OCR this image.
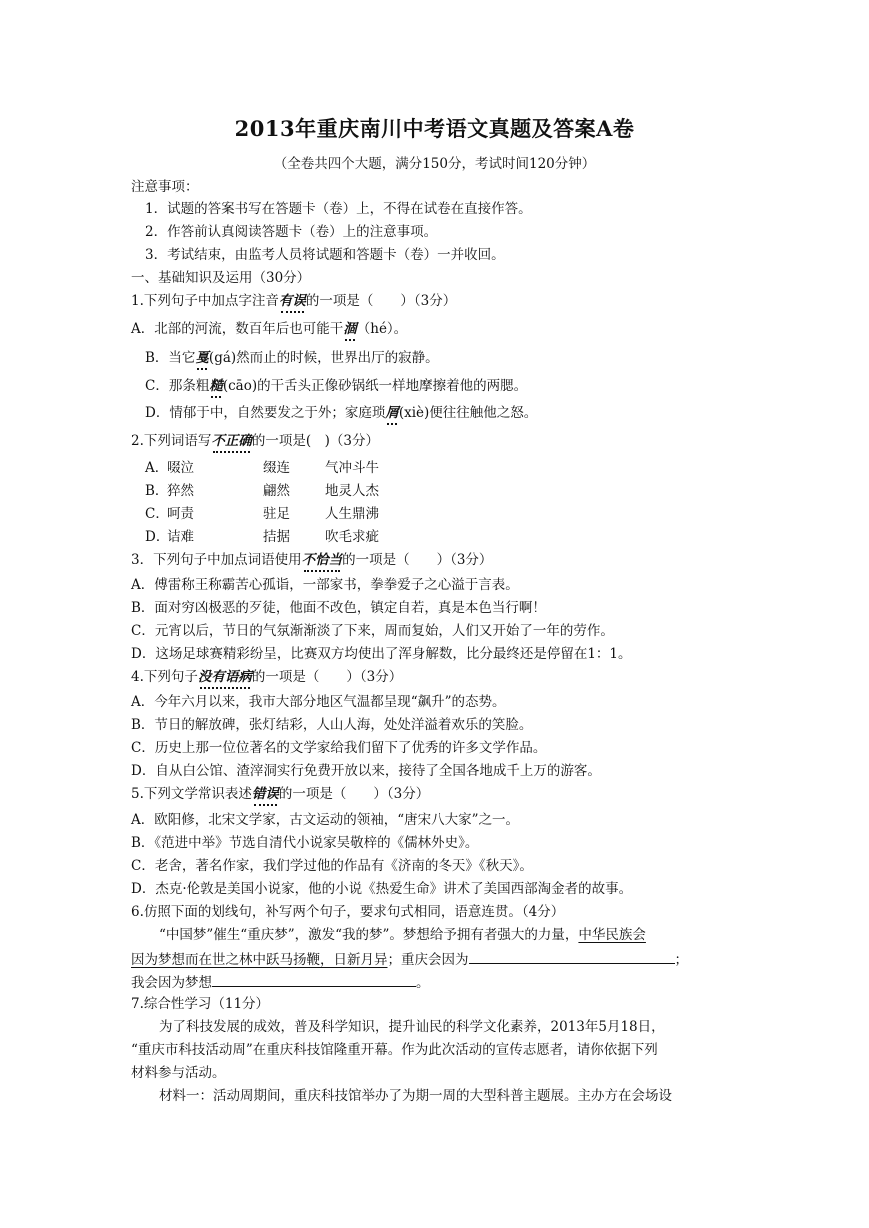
2013年重庆南川中考语文真题及答案A卷
（全卷共四个大题，满分150分，考试时间120分钟）
注意事项：
1．试题的答案书写在答题卡（卷）上，不得在试卷在直接作答。
2．作答前认真阅读答题卡（卷）上的注意事项。
3．考试结束，由监考人员将试题和答题卡（卷）一并收回。
一、基础知识及运用（30分）
1.下列句子中加点字注音有误的一项是（　　）（3分）
A．北部的河流，数百年后也可能干涸（hé）。
B．当它戛(gá)然而止的时候，世界出厅的寂静。
C．那条粗糙(cāo)的干舌头正像砂锅纸一样地摩擦着他的两腮。
D．情郁于中，自然要发之于外；家庭琐屑(xiè)便往往触他之怒。
2.下列词语写不正确的一项是(　)（3分）
A．啜泣	缀连	气冲斗牛
B．猝然	翩然	地灵人杰
C．呵责	驻足	人生鼎沸
D．诘难	拮据	吹毛求疵
3．下列句子中加点词语使用不恰当的一项是（　　）（3分）
A．傅雷称王称霸苦心孤诣，一部家书，拳拳爱子之心溢于言表。
B．面对穷凶极恶的歹徒，他面不改色，镇定自若，真是本色当行啊！
C．元宵以后，节日的气氛渐渐淡了下来，周而复始，人们又开始了一年的劳作。
D．这场足球赛精彩纷呈，比赛双方均使出了浑身解数，比分最终还是停留在1：1。
4.下列句子没有语病的一项是（　　）（3分）
A．今年六月以来，我市大部分地区气温都呈现“飙升”的态势。
B．节日的解放碑，张灯结彩，人山人海，处处洋溢着欢乐的笑脸。
C．历史上那一位位著名的文学家给我们留下了优秀的许多文学作品。
D．自从白公馆、渣滓洞实行免费开放以来，接待了全国各地成千上万的游客。
5.下列文学常识表述错误的一项是（　　）（3分）
A．欧阳修，北宋文学家，古文运动的领袖，“唐宋八大家”之一。
B．《范进中举》节选自清代小说家吴敬梓的《儒林外史》。
C．老舍，著名作家，我们学过他的作品有《济南的冬天》《秋天》。
D．杰克·伦敦是美国小说家，他的小说《热爱生命》讲术了美国西部淘金者的故事。
6.仿照下面的划线句，补写两个句子，要求句式相同，语意连贯。（4分）
“中国梦”催生“重庆梦”，激发“我的梦”。梦想给予拥有者强大的力量，中华民族会
因为梦想而在世之林中跃马扬鞭，日新月异；重庆会因为	；
我会因为梦想	。
7.综合性学习（11分）
为了科技发展的成效，普及科学知识，提升讪民的科学文化素养，2013年5月18日，
“重庆市科技活动周”在重庆科技馆隆重开幕。作为此次活动的宣传志愿者，请你依据下列
材料参与活动。
材料一：活动周期间，重庆科技馆举办了为期一周的大型科普主题展。主办方在会场设
